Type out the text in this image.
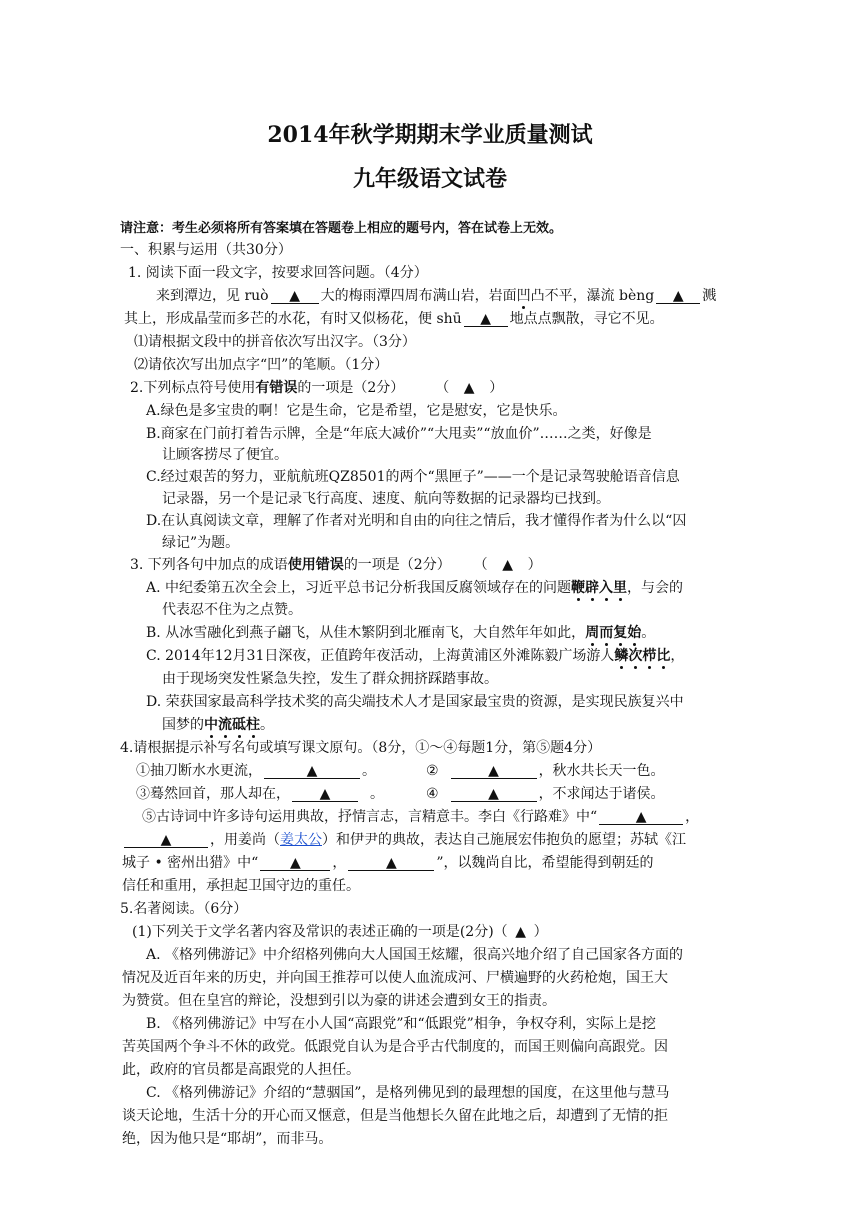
2014年秋学期期末学业质量测试
九年级语文试卷
请注意：考生必须将所有答案填在答题卷上相应的题号内，答在试卷上无效。
一、积累与运用（共30分）
1. 阅读下面一段文字，按要求回答问题。（4分）
来到潭边，见 ruò ▲ 大的梅雨潭四周布满山岩，岩面凹凸不平，瀑流 bèng ▲ 溅
其上，形成晶莹而多芒的水花，有时又似杨花，便 shū ▲ 地点点飘散，寻它不见。
⑴请根据文段中的拼音依次写出汉字。（3分）
⑵请依次写出加点字“凹”的笔顺。（1分）
2.下列标点符号使用有错误的一项是（2分） （ ▲ ）
A.绿色是多宝贵的啊！它是生命，它是希望，它是慰安，它是快乐。
B.商家在门前打着告示牌，全是“年底大减价”“大甩卖”“放血价”……之类，好像是
让顾客捞尽了便宜。
C.经过艰苦的努力，亚航航班QZ8501的两个“黑匣子”——一个是记录驾驶舱语音信息
记录器，另一个是记录飞行高度、速度、航向等数据的记录器均已找到。
D.在认真阅读文章，理解了作者对光明和自由的向往之情后，我才懂得作者为什么以“囚
绿记”为题。
3. 下列各句中加点的成语使用错误的一项是（2分） （ ▲ ）
A. 中纪委第五次全会上，习近平总书记分析我国反腐领域存在的问题鞭辟入里，与会的
代表忍不住为之点赞。
B. 从冰雪融化到燕子翩飞，从佳木繁阴到北雁南飞，大自然年年如此，周而复始。
C. 2014年12月31日深夜，正值跨年夜活动，上海黄浦区外滩陈毅广场游人鳞次栉比，
由于现场突发性紧急失控，发生了群众拥挤踩踏事故。
D. 荣获国家最高科学技术奖的高尖端技术人才是国家最宝贵的资源，是实现民族复兴中
国梦的中流砥柱。
4.请根据提示补写名句或填写课文原句。（8分，①～④每题1分，第⑤题4分）
①抽刀断水水更流，	▲	。	②	▲	，秋水共长天一色。
③蓦然回首，那人却在， ▲	。	④	▲	，不求闻达于诸侯。
⑤古诗词中许多诗句运用典故，抒情言志，言精意丰。李白《行路难》中“	▲	，
▲	，用姜尚（姜太公）和伊尹的典故，表达自己施展宏伟抱负的愿望；苏轼《江
城子 • 密州出猎》中“ ▲ ，	▲	”，以魏尚自比，希望能得到朝廷的
信任和重用，承担起卫国守边的重任。
5.名著阅读。（6分）
(1)下列关于文学名著内容及常识的表述正确的一项是(2分)（ ▲ ）
A. 《格列佛游记》中介绍格列佛向大人国国王炫耀，很高兴地介绍了自己国家各方面的
情况及近百年来的历史，并向国王推荐可以使人血流成河、尸横遍野的火药枪炮，国王大
为赞赏。但在皇宫的辩论，没想到引以为豪的讲述会遭到女王的指责。
B. 《格列佛游记》中写在小人国“高跟党”和“低跟党”相争，争权夺利，实际上是挖
苦英国两个争斗不休的政党。低跟党自认为是合乎古代制度的，而国王则偏向高跟党。因
此，政府的官员都是高跟党的人担任。
C. 《格列佛游记》介绍的“慧骃国”，是格列佛见到的最理想的国度，在这里他与慧马
谈天论地，生活十分的开心而又惬意，但是当他想长久留在此地之后，却遭到了无情的拒
绝，因为他只是“耶胡”，而非马。
